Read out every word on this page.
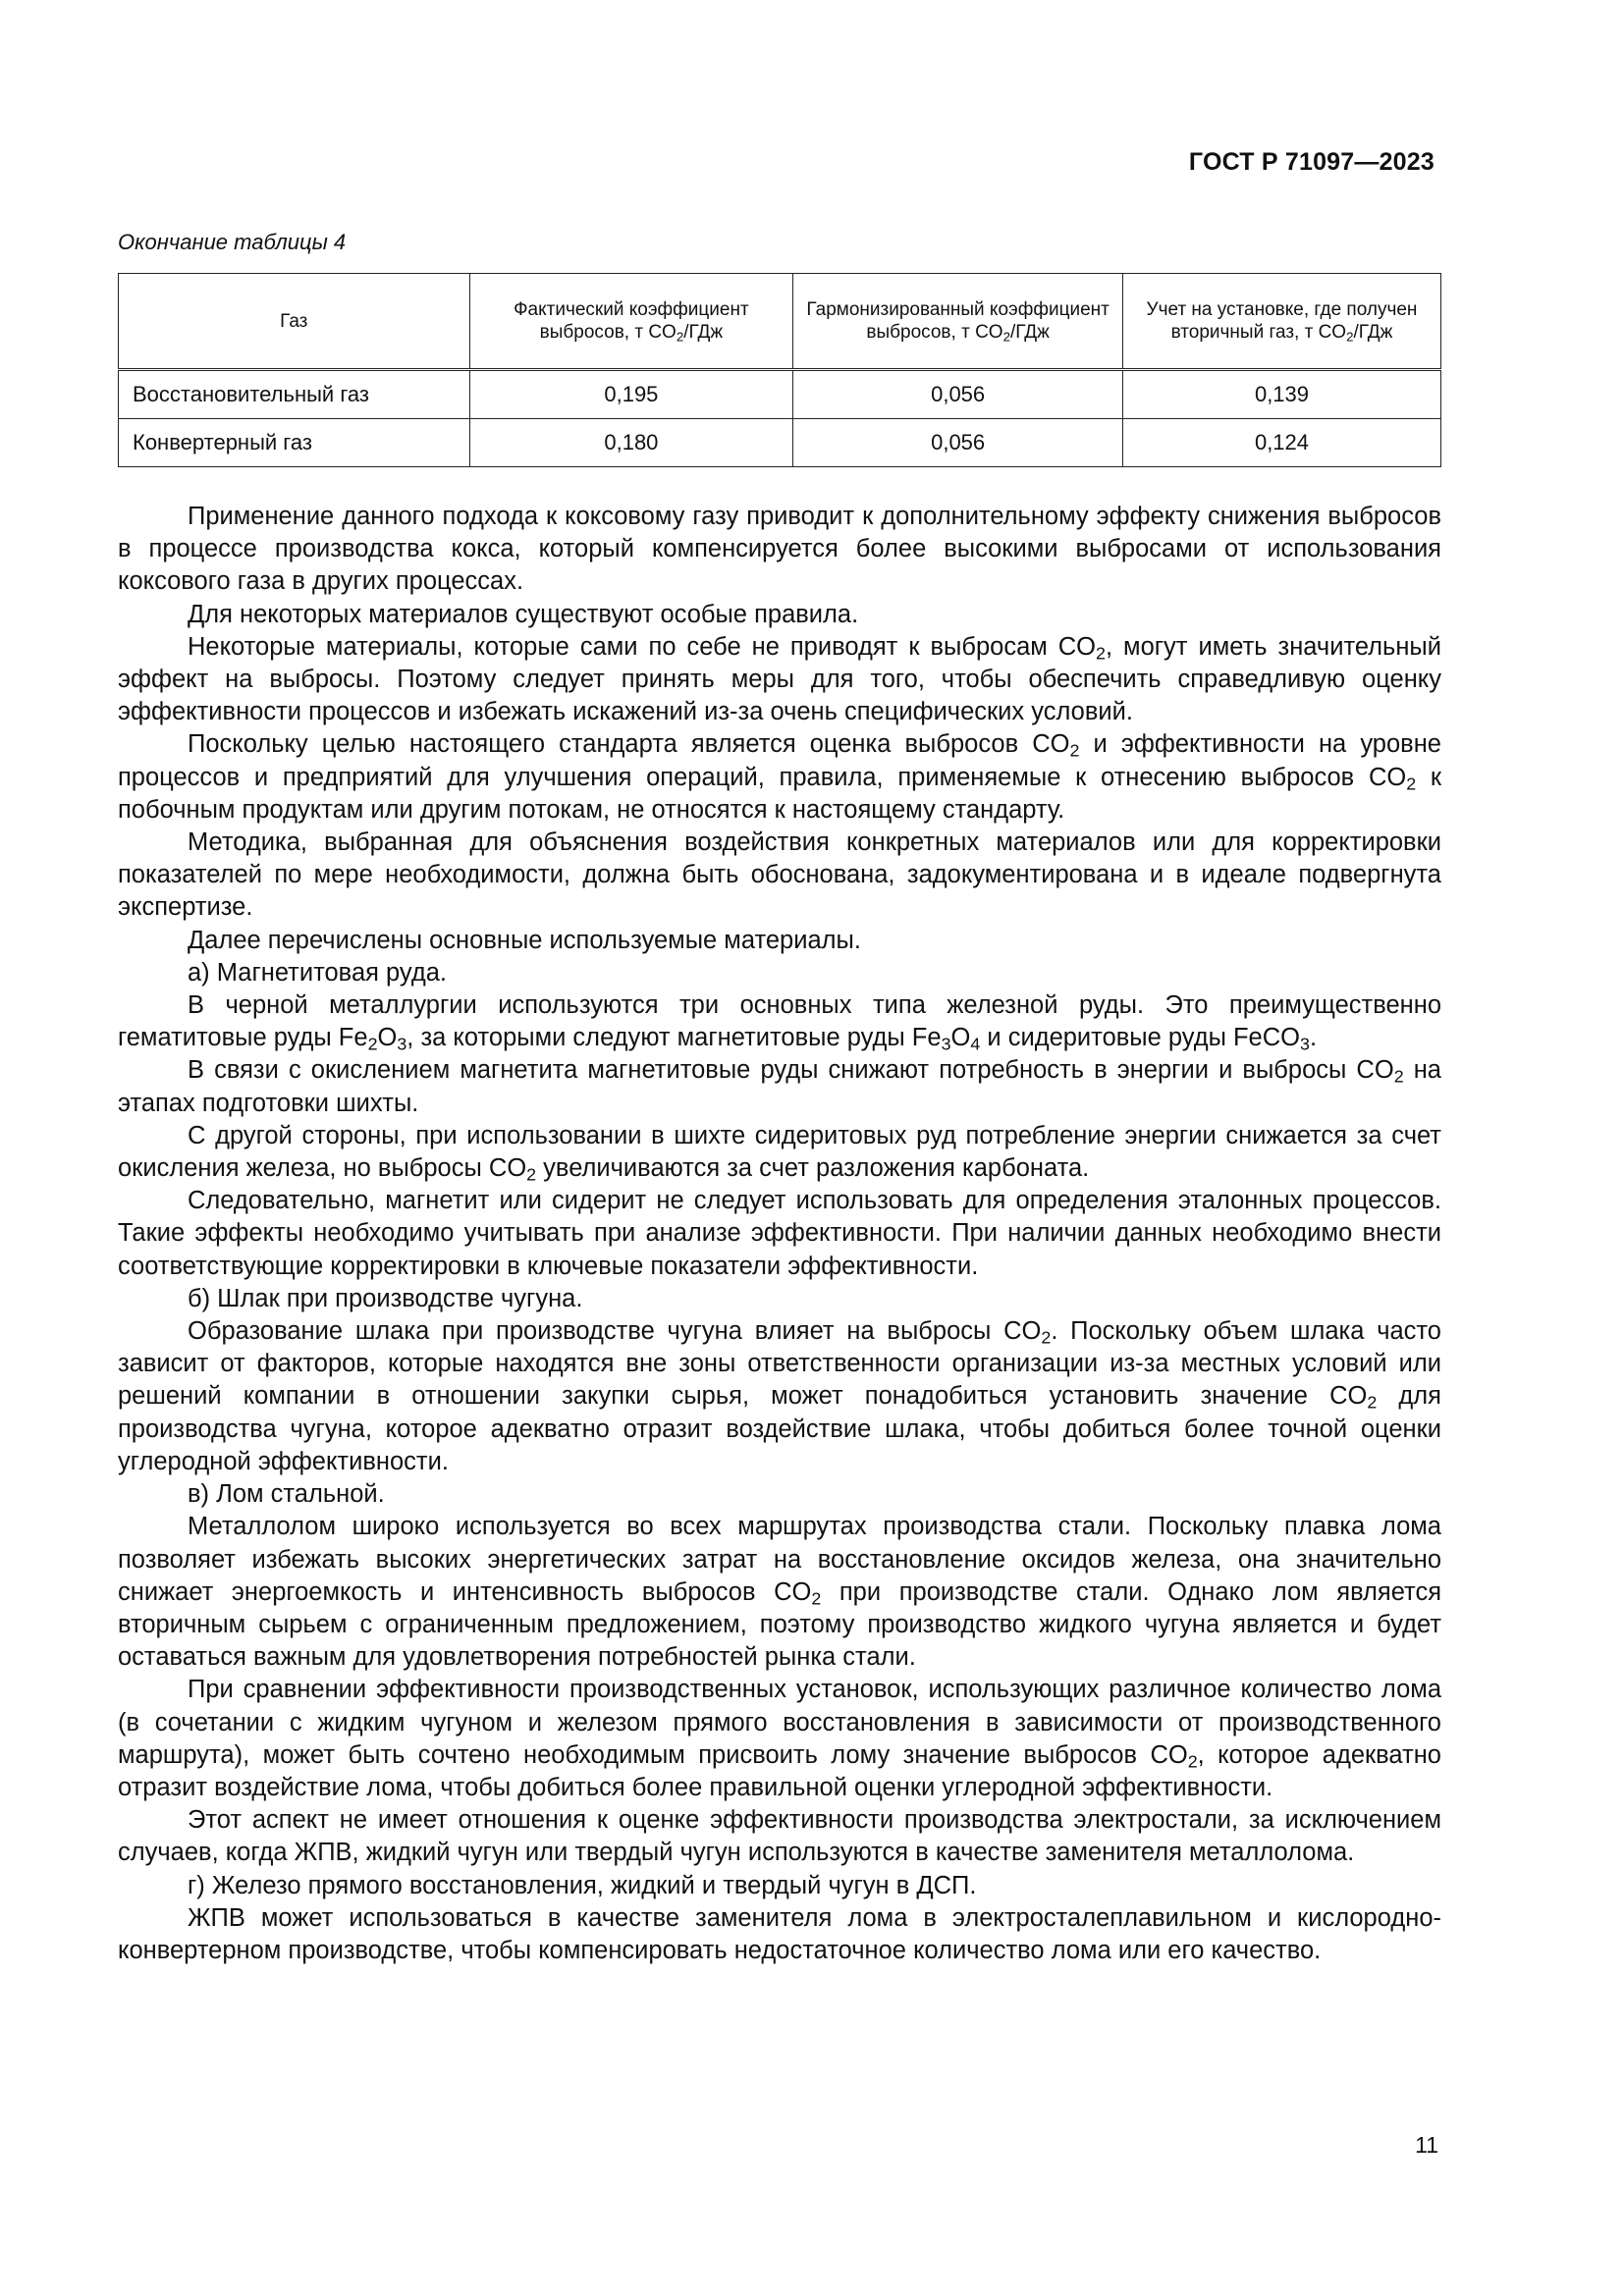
ГОСТ Р 71097—2023
Окончание таблицы 4
Газ	Фактический коэффициент выбросов, т $CO_2$/ГДж	Гармонизированный коэффициент выбросов, т $CO_2$/ГДж	Учет на установке, где получен вторичный газ, т $CO_2$/ГДж
Восстановительный газ	0,195	0,056	0,139
Конвертерный газ	0,180	0,056	0,124

Применение данного подхода к коксовому газу приводит к дополнительному эффекту снижения выбросов в процессе производства кокса, который компенсируется более высокими выбросами от использования коксового газа в других процессах.

Для некоторых материалов существуют особые правила.

Некоторые материалы, которые сами по себе не приводят к выбросам $CO_2$, могут иметь значительный эффект на выбросы. Поэтому следует принять меры для того, чтобы обеспечить справедливую оценку эффективности процессов и избежать искажений из-за очень специфических условий.

Поскольку целью настоящего стандарта является оценка выбросов $CO_2$ и эффективности на уровне процессов и предприятий для улучшения операций, правила, применяемые к отнесению выбросов $CO_2$ к побочным продуктам или другим потокам, не относятся к настоящему стандарту.

Методика, выбранная для объяснения воздействия конкретных материалов или для корректировки показателей по мере необходимости, должна быть обоснована, задокументирована и в идеале подвергнута экспертизе.

Далее перечислены основные используемые материалы.

а) Магнетитовая руда.

В черной металлургии используются три основных типа железной руды. Это преимущественно гематитовые руды $Fe_2O_3$, за которыми следуют магнетитовые руды $Fe_3O_4$ и сидеритовые руды FeCO$_3$.

В связи с окислением магнетита магнетитовые руды снижают потребность в энергии и выбросы $CO_2$ на этапах подготовки шихты.

С другой стороны, при использовании в шихте сидеритовых руд потребление энергии снижается за счет окисления железа, но выбросы $CO_2$ увеличиваются за счет разложения карбоната.

Следовательно, магнетит или сидерит не следует использовать для определения эталонных процессов. Такие эффекты необходимо учитывать при анализе эффективности. При наличии данных необходимо внести соответствующие корректировки в ключевые показатели эффективности.

б) Шлак при производстве чугуна.

Образование шлака при производстве чугуна влияет на выбросы $CO_2$. Поскольку объем шлака часто зависит от факторов, которые находятся вне зоны ответственности организации из-за местных условий или решений компании в отношении закупки сырья, может понадобиться установить значение $CO_2$ для производства чугуна, которое адекватно отразит воздействие шлака, чтобы добиться более точной оценки углеродной эффективности.

в) Лом стальной.

Металлолом широко используется во всех маршрутах производства стали. Поскольку плавка лома позволяет избежать высоких энергетических затрат на восстановление оксидов железа, она значительно снижает энергоемкость и интенсивность выбросов $CO_2$ при производстве стали. Однако лом является вторичным сырьем с ограниченным предложением, поэтому производство жидкого чугуна является и будет оставаться важным для удовлетворения потребностей рынка стали.

При сравнении эффективности производственных установок, использующих различное количество лома (в сочетании с жидким чугуном и железом прямого восстановления в зависимости от производственного маршрута), может быть сочтено необходимым присвоить лому значение выбросов $CO_2$, которое адекватно отразит воздействие лома, чтобы добиться более правильной оценки углеродной эффективности.

Этот аспект не имеет отношения к оценке эффективности производства электростали, за исключением случаев, когда ЖПВ, жидкий чугун или твердый чугун используются в качестве заменителя металлолома.

г) Железо прямого восстановления, жидкий и твердый чугун в ДСП.

ЖПВ может использоваться в качестве заменителя лома в электросталеплавильном и кислородно-конвертерном производстве, чтобы компенсировать недостаточное количество лома или его качество.

11
